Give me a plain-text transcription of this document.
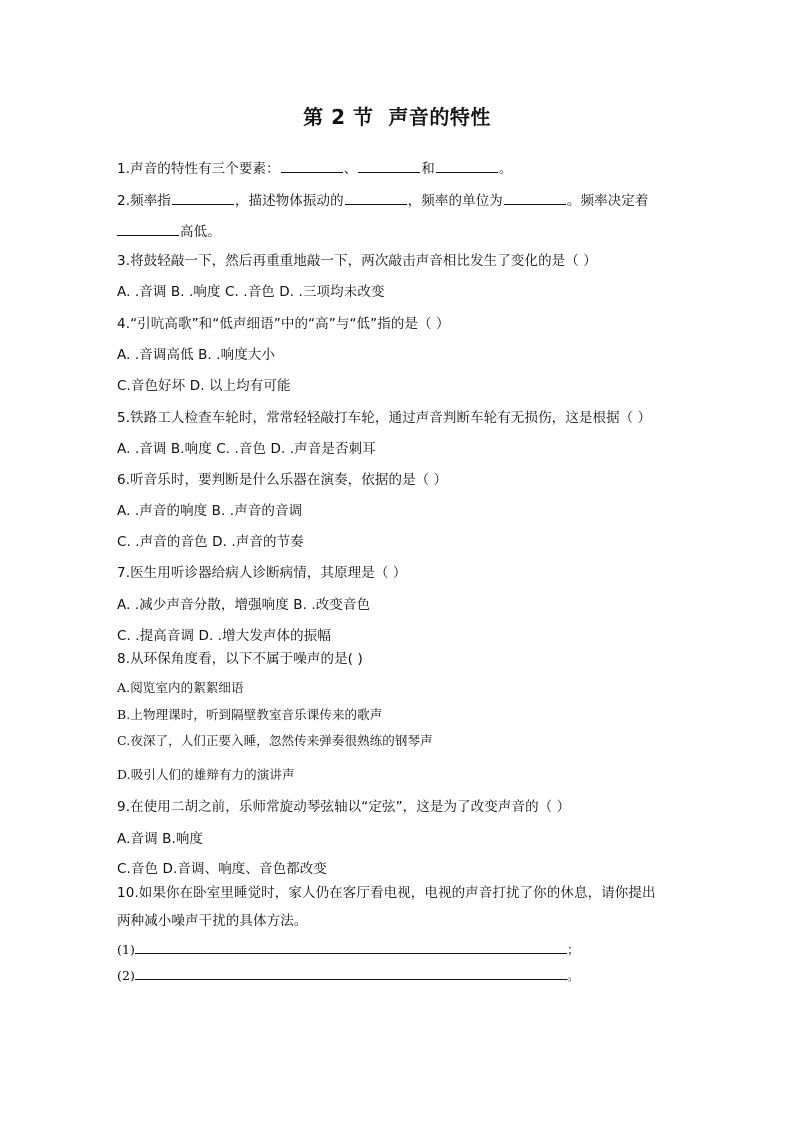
第 2 节  声音的特性
1.声音的特性有三个要素：	、	和	。
2.频率指	，描述物体振动的	，频率的单位为	。频率决定着
高低。
3.将鼓轻敲一下，然后再重重地敲一下，两次敲击声音相比发生了变化的是（ ）
A. .音调 B. .响度 C. .音色 D. .三项均未改变
4.“引吭高歌”和“低声细语”中的“高”与“低”指的是（ ）
A. .音调高低 B. .响度大小
C.音色好坏 D. 以上均有可能
5.铁路工人检查车轮时，常常轻轻敲打车轮，通过声音判断车轮有无损伤，这是根据（ ）
A. .音调 B.响度 C. .音色 D. .声音是否刺耳
6.听音乐时，要判断是什么乐器在演奏，依据的是（ ）
A. .声音的响度 B. .声音的音调
C. .声音的音色 D. .声音的节奏
7.医生用听诊器给病人诊断病情，其原理是（ ）
A. .减少声音分散，增强响度 B. .改变音色
C. .提高音调 D. .增大发声体的振幅
8.从环保角度看，以下不属于噪声的是( )
A.阅览室内的絮絮细语
B.上物理课时，听到隔壁教室音乐课传来的歌声
C.夜深了，人们正要入睡，忽然传来弹奏很熟练的钢琴声
D.吸引人们的雄辩有力的演讲声
9.在使用二胡之前，乐师常旋动琴弦轴以“定弦”，这是为了改变声音的（ ）
A.音调 B.响度
C.音色 D.音调、响度、音色都改变
10.如果你在卧室里睡觉时，家人仍在客厅看电视，电视的声音打扰了你的休息，请你提出
两种减小噪声干扰的具体方法。
(1)	；
(2)	。
